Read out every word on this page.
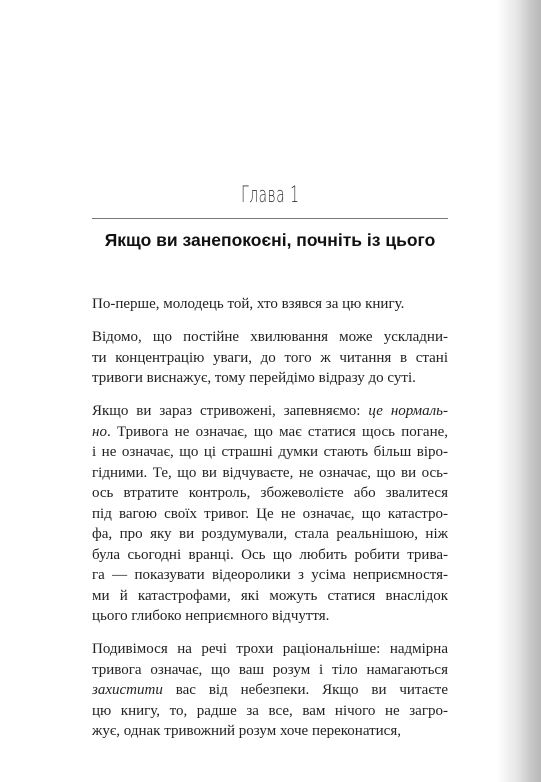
Глава 1
Якщо ви занепокоєні, почніть із цього

По-перше, молодець той, хто взявся за цю книгу.

Відомо, що постійне хвилювання може ускладни-
ти концентрацію уваги, до того ж читання в стані
тривоги виснажує, тому перейдімо відразу до суті.

Якщо ви зараз стривожені, запевняємо: це нормаль-
но. Тривога не означає, що має статися щось погане,
і не означає, що ці страшні думки стають більш віро-
гідними. Те, що ви відчуваєте, не означає, що ви ось-
ось втратите контроль, збожеволієте або звалитеся
під вагою своїх тривог. Це не означає, що катастро-
фа, про яку ви роздумували, стала реальнішою, ніж
була сьогодні вранці. Ось що любить робити трива-
га — показувати відеоролики з усіма неприємностя-
ми й катастрофами, які можуть статися внаслідок
цього глибоко неприємного відчуття.

Подивімося на речі трохи раціональніше: надмірна
тривога означає, що ваш розум і тіло намагаються
захистити вас від небезпеки. Якщо ви читаєте
цю книгу, то, радше за все, вам нічого не загро-
жує, однак тривожний розум хоче переконатися,
